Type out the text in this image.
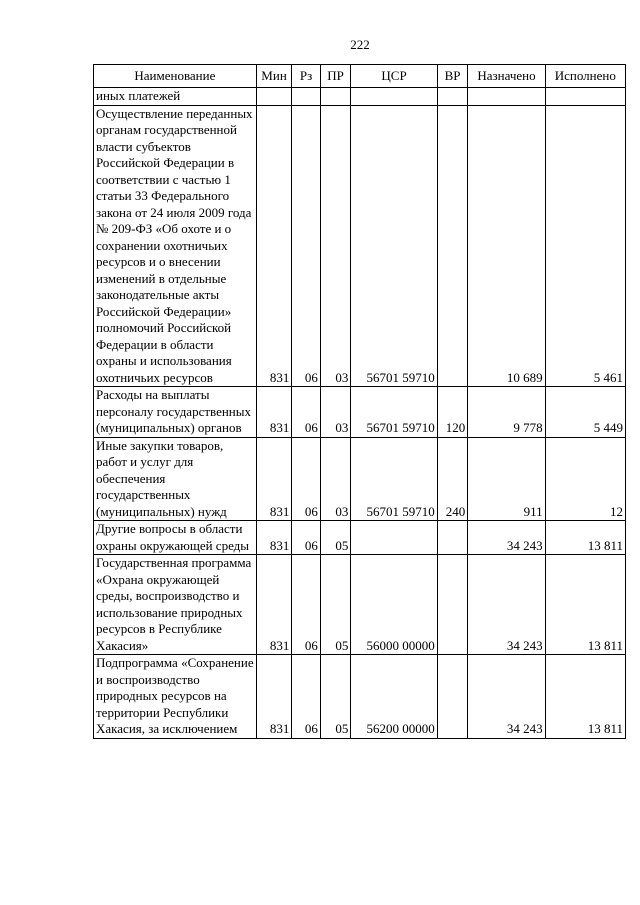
222
Наименование	Мин	Рз	ПР	ЦСР	ВР	Назначено	Исполнено
иных платежей							
Осуществление переданных органам государственной власти субъектов Российской Федерации в соответствии с частью 1 статьи 33 Федерального закона от 24 июля 2009 года № 209-ФЗ «Об охоте и о сохранении охотничьих ресурсов и о внесении изменений в отдельные законодательные акты Российской Федерации» полномочий Российской Федерации в области охраны и использования охотничьих ресурсов	831	06	03	56701 59710		10 689	5 461
Расходы на выплаты персоналу государственных (муниципальных) органов	831	06	03	56701 59710	120	9 778	5 449
Иные закупки товаров, работ и услуг для обеспечения государственных (муниципальных) нужд	831	06	03	56701 59710	240	911	12
Другие вопросы в области охраны окружающей среды	831	06	05			34 243	13 811
Государственная программа «Охрана окружающей среды, воспроизводство и использование природных ресурсов в Республике Хакасия»	831	06	05	56000 00000		34 243	13 811
Подпрограмма «Сохранение и воспроизводство природных ресурсов на территории Республики Хакасия, за исключением	831	06	05	56200 00000		34 243	13 811
